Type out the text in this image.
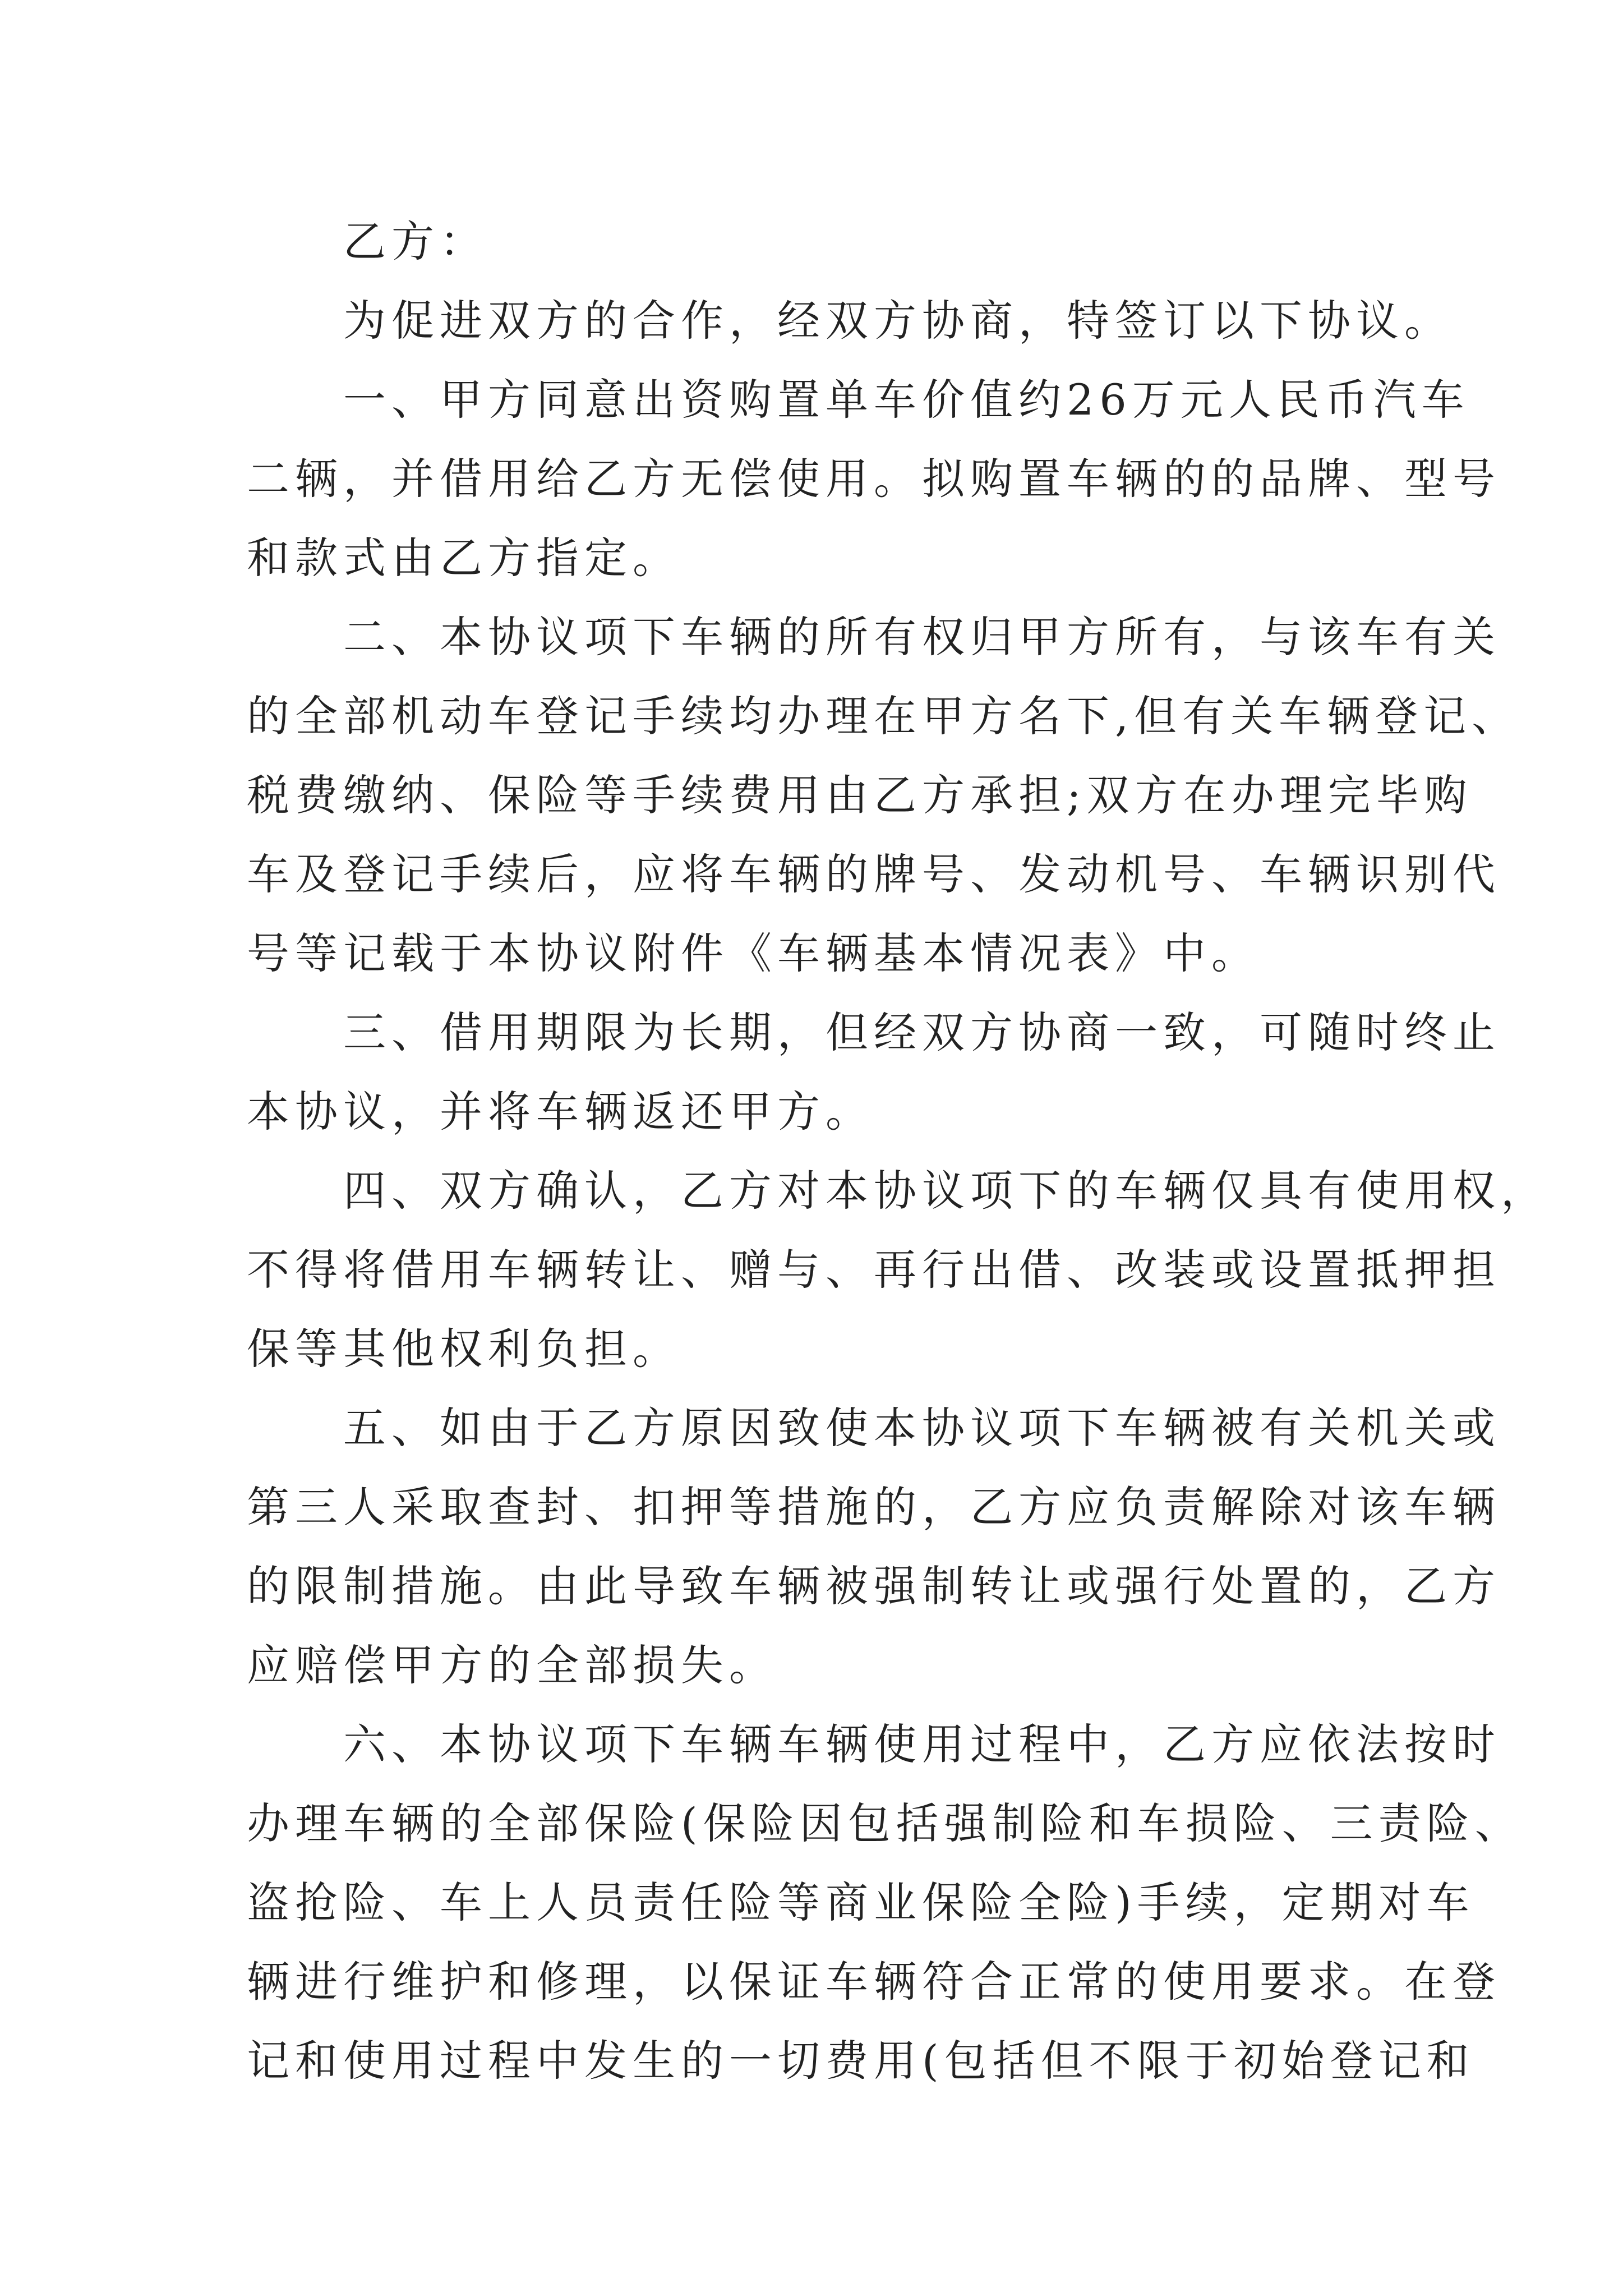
乙方：
为促进双方的合作，经双方协商，特签订以下协议。
一、甲方同意出资购置单车价值约26万元人民币汽车
二辆，并借用给乙方无偿使用。拟购置车辆的的品牌、型号
和款式由乙方指定。
二、本协议项下车辆的所有权归甲方所有，与该车有关
的全部机动车登记手续均办理在甲方名下,但有关车辆登记、
税费缴纳、保险等手续费用由乙方承担;双方在办理完毕购
车及登记手续后，应将车辆的牌号、发动机号、车辆识别代
号等记载于本协议附件《车辆基本情况表》中。
三、借用期限为长期，但经双方协商一致，可随时终止
本协议，并将车辆返还甲方。
四、双方确认，乙方对本协议项下的车辆仅具有使用权，
不得将借用车辆转让、赠与、再行出借、改装或设置抵押担
保等其他权利负担。
五、如由于乙方原因致使本协议项下车辆被有关机关或
第三人采取查封、扣押等措施的，乙方应负责解除对该车辆
的限制措施。由此导致车辆被强制转让或强行处置的，乙方
应赔偿甲方的全部损失。
六、本协议项下车辆车辆使用过程中，乙方应依法按时
办理车辆的全部保险(保险因包括强制险和车损险、三责险、
盗抢险、车上人员责任险等商业保险全险)手续，定期对车
辆进行维护和修理，以保证车辆符合正常的使用要求。在登
记和使用过程中发生的一切费用(包括但不限于初始登记和
